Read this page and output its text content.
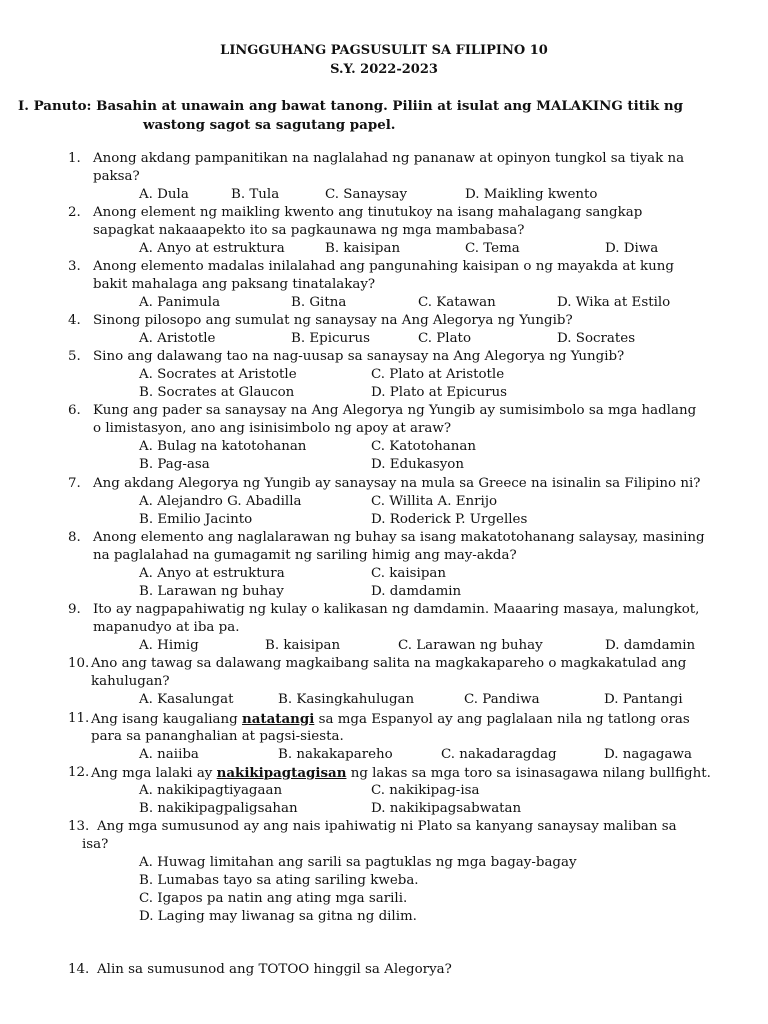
LINGGUHANG PAGSUSULIT SA FILIPINO 10
S.Y. 2022-2023
I. Panuto: Basahin at unawain ang bawat tanong. Piliin at isulat ang MALAKING titik ng
wastong sagot sa sagutang papel.
1. Anong akdang pampanitikan na naglalahad ng pananaw at opinyon tungkol sa tiyak na
paksa?
A. Dula	B. Tula	C. Sanaysay	D. Maikling kwento
2. Anong element ng maikling kwento ang tinutukoy na isang mahalagang sangkap
sapagkat nakaaapekto ito sa pagkaunawa ng mga mambabasa?
A. Anyo at estruktura	B. kaisipan	C. Tema	D. Diwa
3. Anong elemento madalas inilalahad ang pangunahing kaisipan o ng mayakda at kung
bakit mahalaga ang paksang tinatalakay?
A. Panimula	B. Gitna	C. Katawan	D. Wika at Estilo
4. Sinong pilosopo ang sumulat ng sanaysay na Ang Alegorya ng Yungib?
A. Aristotle	B. Epicurus	C. Plato	D. Socrates
5. Sino ang dalawang tao na nag-uusap sa sanaysay na Ang Alegorya ng Yungib?
A. Socrates at Aristotle	C. Plato at Aristotle
B. Socrates at Glaucon	D. Plato at Epicurus
6. Kung ang pader sa sanaysay na Ang Alegorya ng Yungib ay sumisimbolo sa mga hadlang
o limistasyon, ano ang isinisimbolo ng apoy at araw?
A. Bulag na katotohanan	C. Katotohanan
B. Pag-asa	D. Edukasyon
7. Ang akdang Alegorya ng Yungib ay sanaysay na mula sa Greece na isinalin sa Filipino ni?
A. Alejandro G. Abadilla	C. Willita A. Enrijo
B. Emilio Jacinto	D. Roderick P. Urgelles
8. Anong elemento ang naglalarawan ng buhay sa isang makatotohanang salaysay, masining
na paglalahad na gumagamit ng sariling himig ang may-akda?
A. Anyo at estruktura	C. kaisipan
B. Larawan ng buhay	D. damdamin
9. Ito ay nagpapahiwatig ng kulay o kalikasan ng damdamin. Maaaring masaya, malungkot,
mapanudyo at iba pa.
A. Himig	B. kaisipan	C. Larawan ng buhay	D. damdamin
10. Ano ang tawag sa dalawang magkaibang salita na magkakapareho o magkakatulad ang
kahulugan?
A. Kasalungat	B. Kasingkahulugan	C. Pandiwa	D. Pantangi
11. Ang isang kaugaliang natatangi sa mga Espanyol ay ang paglalaan nila ng tatlong oras
para sa pananghalian at pagsi-siesta.
A. naiiba	B. nakakapareho	C. nakadaragdag	D. nagagawa
12. Ang mga lalaki ay nakikipagtagisan ng lakas sa mga toro sa isinasagawa nilang bullfight.
A. nakikipagtiyagaan	C. nakikipag-isa
B. nakikipagpaligsahan	D. nakikipagsabwatan
13. Ang mga sumusunod ay ang nais ipahiwatig ni Plato sa kanyang sanaysay maliban sa
isa?
A. Huwag limitahan ang sarili sa pagtuklas ng mga bagay-bagay
B. Lumabas tayo sa ating sariling kweba.
C. Igapos pa natin ang ating mga sarili.
D. Laging may liwanag sa gitna ng dilim.
14. Alin sa sumusunod ang TOTOO hinggil sa Alegorya?
